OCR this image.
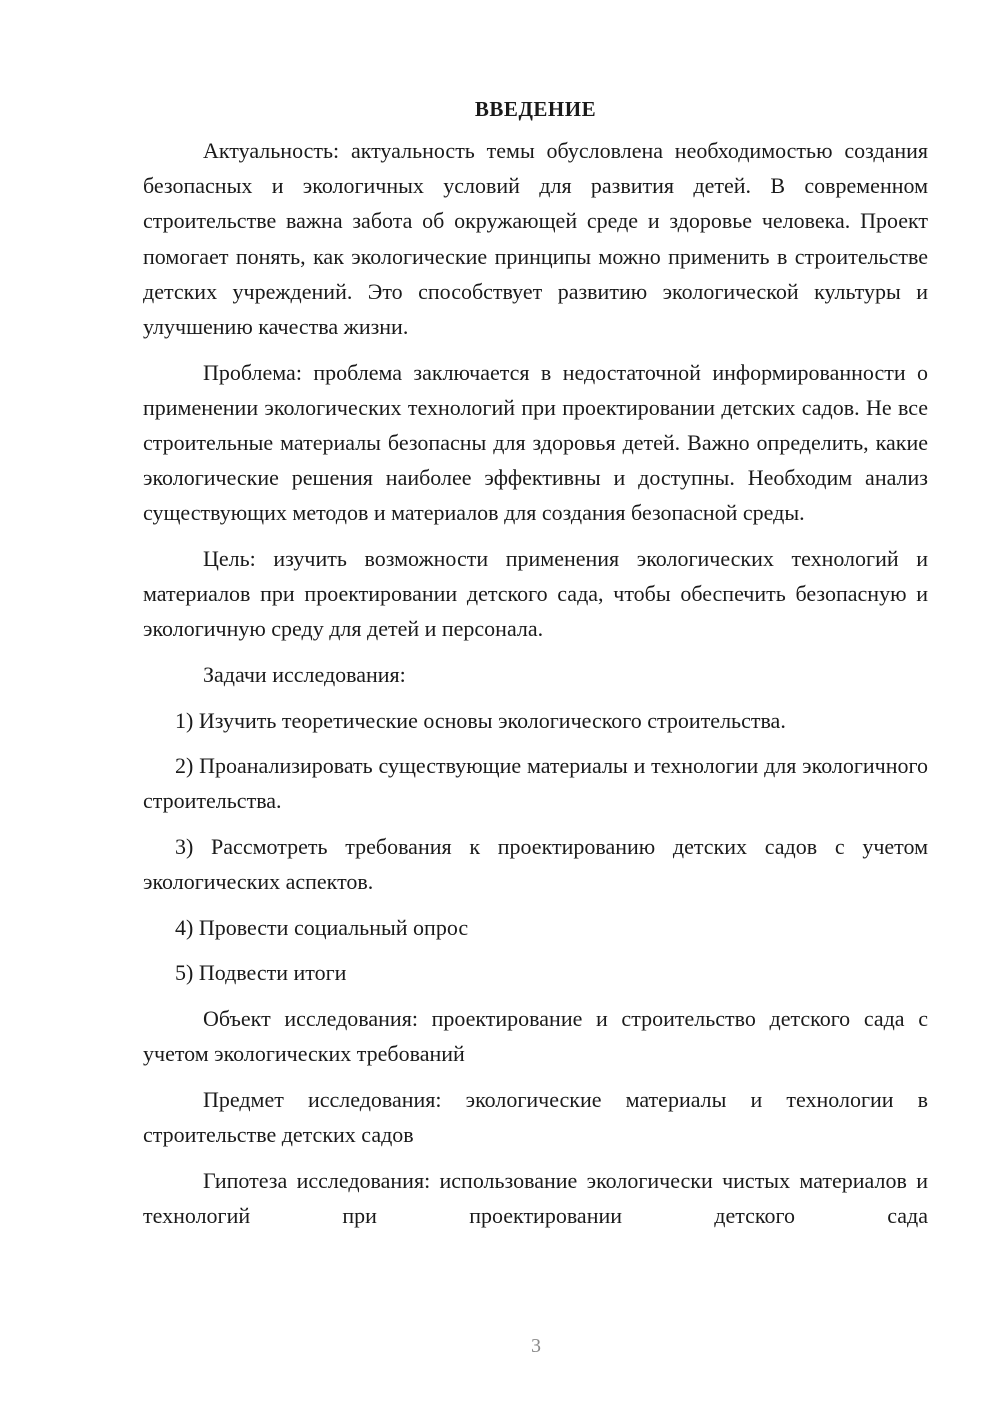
ВВЕДЕНИЕ

Актуальность: актуальность темы обусловлена необходимостью создания безопасных и экологичных условий для развития детей. В современном строительстве важна забота об окружающей среде и здоровье человека. Проект помогает понять, как экологические принципы можно применить в строительстве детских учреждений. Это способствует развитию экологической культуры и улучшению качества жизни.

Проблема: проблема заключается в недостаточной информированности о применении экологических технологий при проектировании детских садов. Не все строительные материалы безопасны для здоровья детей. Важно определить, какие экологические решения наиболее эффективны и доступны. Необходим анализ существующих методов и материалов для создания безопасной среды.

Цель: изучить возможности применения экологических технологий и материалов при проектировании детского сада, чтобы обеспечить безопасную и экологичную среду для детей и персонала.

Задачи исследования:

1) Изучить теоретические основы экологического строительства.

2) Проанализировать существующие материалы и технологии для экологичного строительства.

3) Рассмотреть требования к проектированию детских садов с учетом экологических аспектов.

4) Провести социальный опрос

5) Подвести итоги

Объект исследования: проектирование и строительство детского сада с учетом экологических требований

Предмет исследования: экологические материалы и технологии в строительстве детских садов

Гипотеза исследования: использование экологически чистых материалов и технологий при проектировании детского сада

3
